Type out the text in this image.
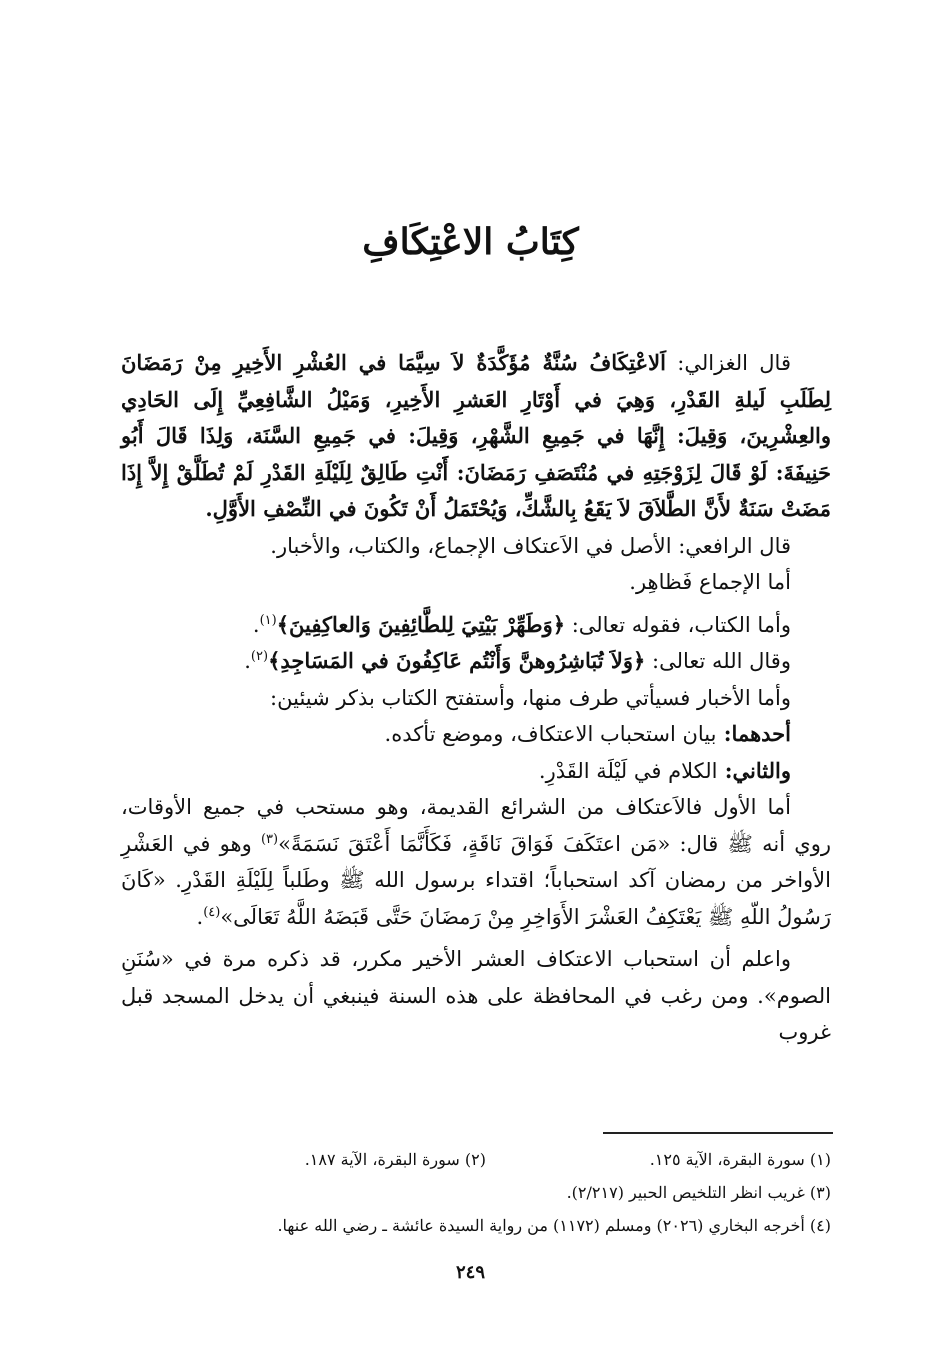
كِتَابُ الاعْتِكَافِ

قال الغزالي: اَلاعْتِكَافُ سُنَّةٌ مُؤَكَّدَةٌ لاَ سِيَّمَا في العُشْرِ الأَخِيرِ مِنْ رَمَضَانَ لِطَلَبِ لَيلةِ القَدْرِ، وَهِيَ في أَوْتَارِ العَشرِ الأَخِيرِ، وَمَيْلُ الشَّافِعِيِّ إِلَى الحَادِي والعِشْرِينَ، وَقِيلَ: إِنَّهَا في جَمِيعِ الشَّهْرِ، وَقِيلَ: في جَمِيعِ السَّنَة، وَلِذَا قَالَ أَبُو حَنِيفَةَ: لَوْ قَالَ لِزَوْجَتِهِ في مُنْتَصَفِ رَمَضَانَ: أَنْتِ طَالِقٌ لِلَيْلَةِ القَدْرِ لَمْ تُطَلَّقْ إِلاَّ إِذَا مَضَتْ سَنَةٌ لأَنَّ الطَّلاَقَ لاَ يَقَعُ بِالشَّكِّ، وَيُحْتَمَلُ أَنْ تَكُونَ في النِّصْفِ الأَوَّلِ.

قال الرافعي: الأصل في الاَعتكاف الإجماع، والكتاب، والأخبار.

أما الإجماع فَظاهِر.

وأما الكتاب، فقوله تعالى: ﴿وَطَهِّرْ بَيْتِيَ لِلطَّائِفِينَ وَالعاكِفِينَ﴾$^{(١)}$.

وقال الله تعالى: ﴿وَلاَ تُبَاشِرُوهنَّ وَأَنْتُم عَاكِفُونَ في المَسَاجِدِ﴾$^{(٢)}$.

وأما الأخبار فسيأتي طرف منها، وأستفتح الكتاب بذكر شيئين:

أحدهما: بيان استحباب الاعتكاف، وموضع تأكده.

والثاني: الكلام في لَيْلَة القَدْرِ.

أما الأول فالاَعتكاف من الشرائع القديمة، وهو مستحب في جميع الأوقات، روي أنه ﷺ قال: «مَن اعتَكَفَ فَوَاقَ نَاقَةٍ، فَكَأَنَّمَا أَعْتَقَ نَسَمَةً»$^{(٣)}$ وهو في العَشْرِ الأواخر من رمضان آكد استحباباً؛ اقتداء برسول الله ﷺ وطَلباً لِلَيْلَةِ القَدْرِ. «كَانَ رَسُولُ اللّهِ ﷺ يَعْتَكِفُ العَشْرَ الأَوَاخِرِ مِنْ رَمضَانَ حَتَّى قَبَضَهُ اللَّهُ تَعَالَى»$^{(٤)}$.

واعلم أن استحباب الاعتكاف العشر الأخير مكرر، قد ذكره مرة في «سُنَنِ الصوم». ومن رغب في المحافظة على هذه السنة فينبغي أن يدخل المسجد قبل غروب

(١) سورة البقرة، الآية ١٢٥.
(٢) سورة البقرة، الآية ١٨٧.
(٣) غريب انظر التلخيص الحبير (٢/٢١٧).
(٤) أخرجه البخاري (٢٠٢٦) ومسلم (١١٧٢) من رواية السيدة عائشة ـ رضي الله عنها.
٢٤٩
